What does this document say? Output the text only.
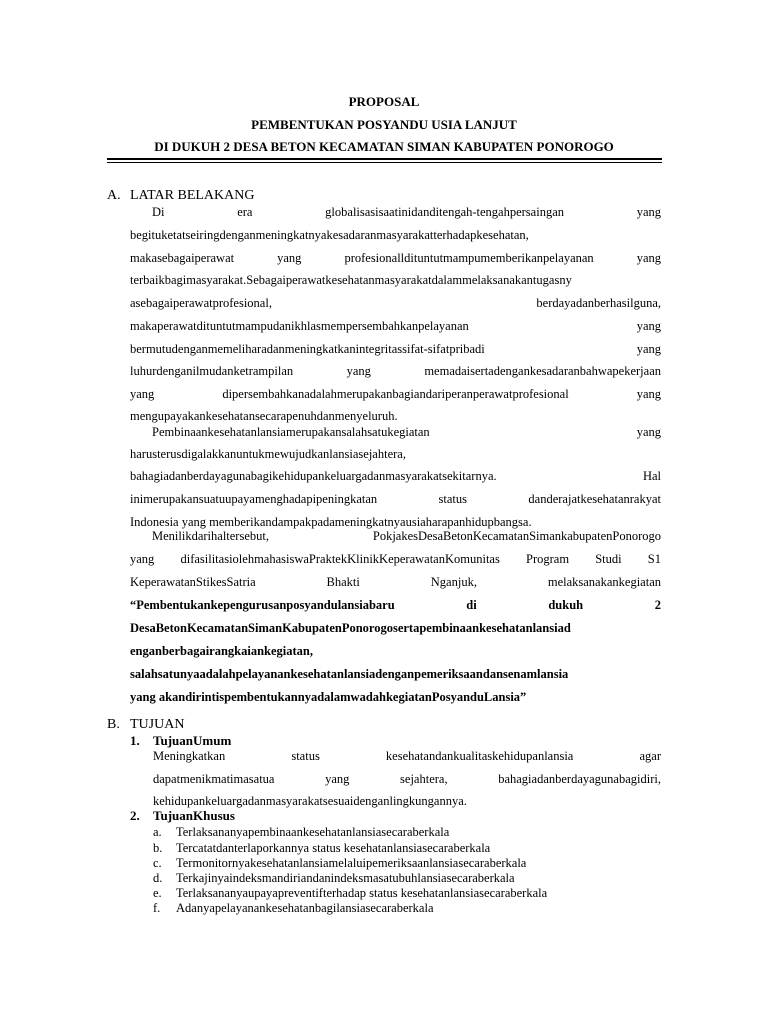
PROPOSAL
PEMBENTUKAN POSYANDU USIA LANJUT
DI DUKUH 2 DESA BETON KECAMATAN SIMAN KABUPATEN PONOROGO
A. LATAR BELAKANG
Di era globalisasisaatinidanditengah-tengahpersaingan yang
begituketatseiringdenganmeningkatnyakesadaranmasyarakatterhadapkesehatan,
makasebagaiperawat yang profesionalldituntutmampumemberikanpelayanan yang
terbaikbagimasyarakat.Sebagaiperawatkesehatanmasyarakatdalammelaksanakantugasny
asebagaiperawatprofesional, berdayadanberhasilguna,
makaperawatdituntutmampudanikhlasmempersembahkanpelayanan yang
bermutudenganmemeliharadanmeningkatkanintegritassifat-sifatpribadi yang
luhurdenganilmudanketrampilan yang memadaisertadengankesadaranbahwapekerjaan
yang dipersembahkanadalahmerupakanbagiandariperanperawatprofesional yang
mengupayakankesehatansecarapenuhdanmenyeluruh.
Pembinaankesehatanlansiamerupakansalahsatukegiatan yang
harusterusdigalakkanuntukmewujudkanlansiasejahtera,
bahagiadanberdayagunabagikehidupankeluargadanmasyarakatsekitarnya. Hal
inimerupakansuatuupayamenghadapipeningkatan status danderajatkesehatanrakyat
Indonesia yang memberikandampakpadameningkatnyausiaharapanhidupbangsa.
Menilikdarihaltersebut, PokjakesDesaBetonKecamatanSimankabupatenPonorogo
yang difasilitasiolehmahasiswaPraktekKlinikKeperawatanKomunitas Program Studi S1
KeperawatanStikesSatria Bhakti Nganjuk, melaksanakankegiatan
“Pembentukankepengurusanposyandulansiabaru di dukuh 2
DesaBetonKecamatanSimanKabupatenPonorogosertapembinaankesehatanlansiad
enganberbagairangkaiankegiatan,
salahsatunyaadalahpelayanankesehatanlansiadenganpemeriksaandansenamlansia
yang akandirintispembentukannyadalamwadahkegiatanPosyanduLansia”
B. TUJUAN
1. TujuanUmum
Meningkatkan status kesehatandankualitaskehidupanlansia agar
dapatmenikmatimasatua yang sejahtera, bahagiadanberdayagunabagidiri,
kehidupankeluargadanmasyarakatsesuaidenganlingkungannya.
2. TujuanKhusus
a. Terlaksananyapembinaankesehatanlansiasecaraberkala
b. Tercatatdanterlaporkannya status kesehatanlansiasecaraberkala
c. Termonitornyakesehatanlansiamelaluipemeriksaanlansiasecaraberkala
d. Terkajinyaindeksmandiriandanindeksmasatubuhlansiasecaraberkala
e. Terlaksananyaupayapreventifterhadap status kesehatanlansiasecaraberkala
f. Adanyapelayanankesehatanbagilansiasecaraberkala
